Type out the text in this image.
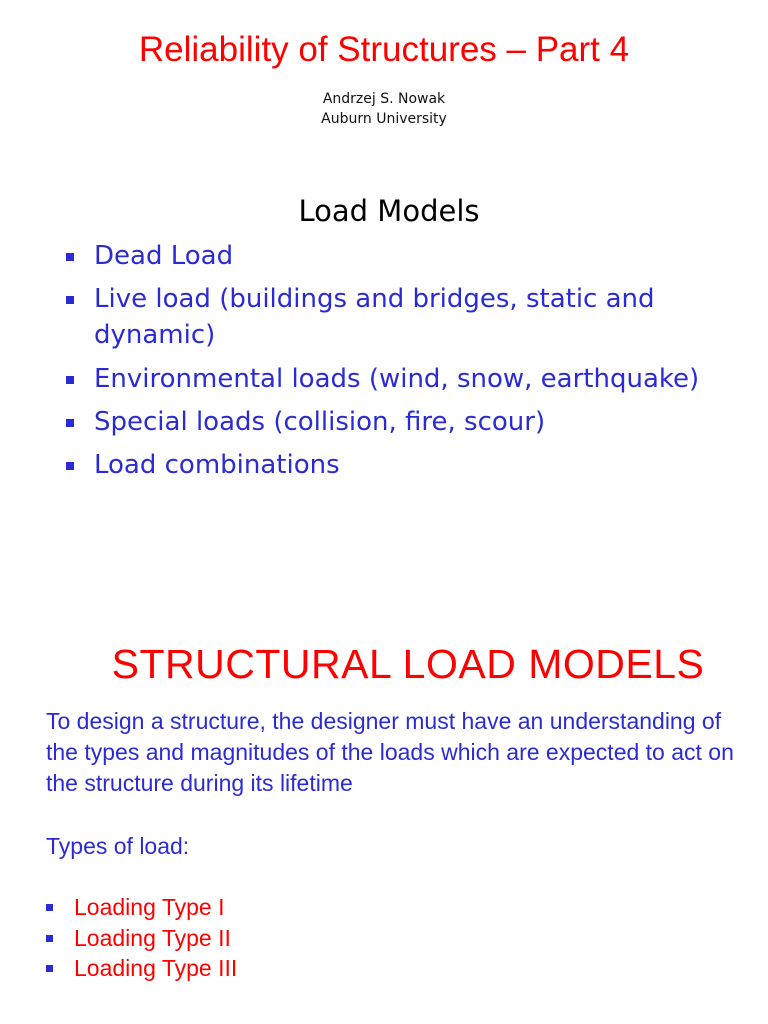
Reliability of Structures – Part 4
Andrzej S. Nowak
Auburn University
Load Models
Dead Load
Live load (buildings and bridges, static and dynamic)
Environmental loads (wind, snow, earthquake)
Special loads (collision, fire, scour)
Load combinations
STRUCTURAL LOAD MODELS
To design a structure, the designer must have an understanding of the types and magnitudes of the loads which are expected to act on the structure during its lifetime
Types of load:
Loading Type I
Loading Type II
Loading Type III
